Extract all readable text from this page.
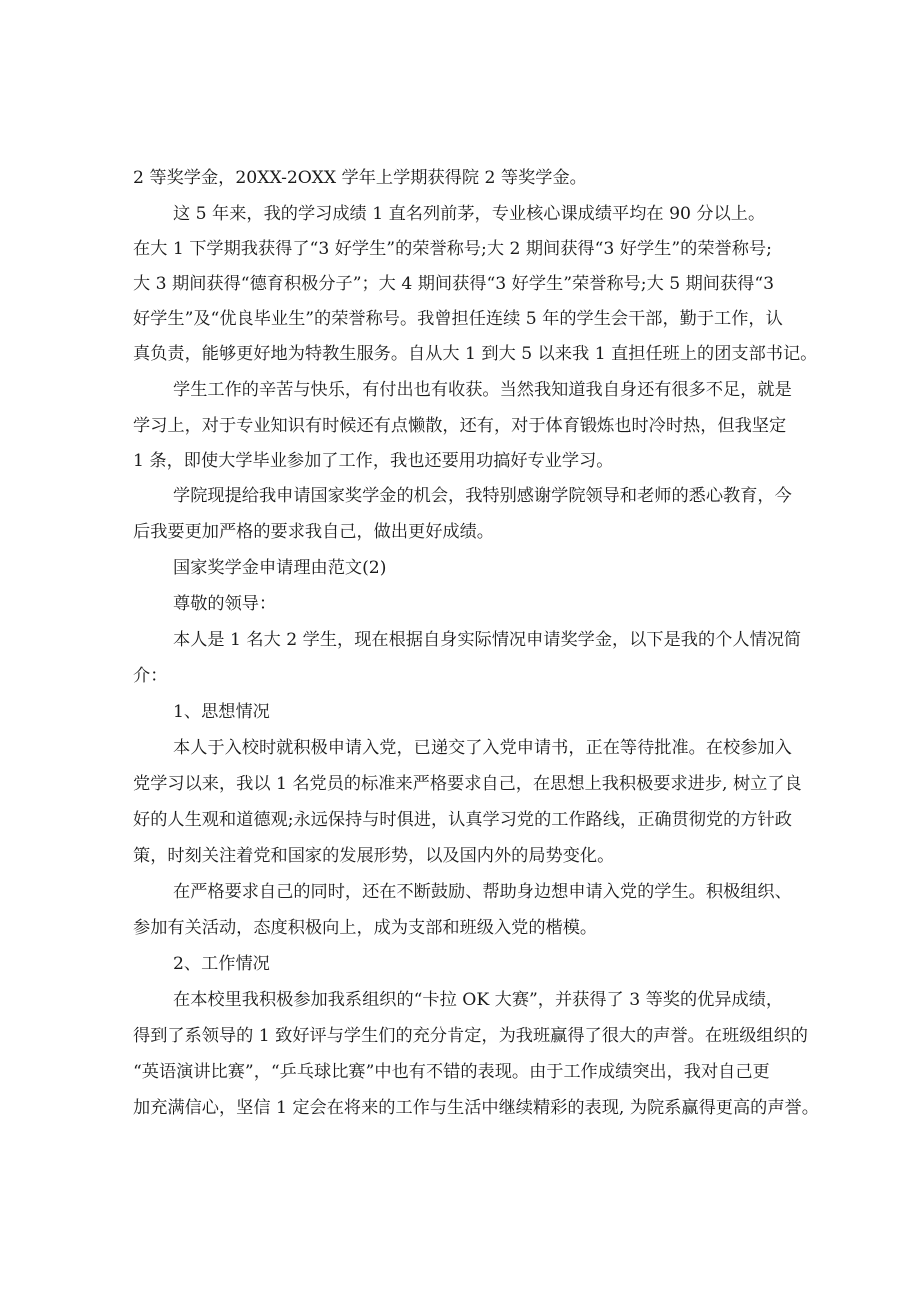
2 等奖学金，20XX-2OXX 学年上学期获得院 2 等奖学金。
这 5 年来，我的学习成绩 1 直名列前茅，专业核心课成绩平均在 90 分以上。
在大 1 下学期我获得了“3 好学生”的荣誉称号;大 2 期间获得“3 好学生”的荣誉称号;
大 3 期间获得“德育积极分子”；大 4 期间获得“3 好学生”荣誉称号;大 5 期间获得“3
好学生”及“优良毕业生”的荣誉称号。我曾担任连续 5 年的学生会干部，勤于工作，认
真负责，能够更好地为特教生服务。自从大 1 到大 5 以来我 1 直担任班上的团支部书记。
学生工作的辛苦与快乐，有付出也有收获。当然我知道我自身还有很多不足，就是
学习上，对于专业知识有时候还有点懒散，还有，对于体育锻炼也时冷时热，但我坚定
1 条，即使大学毕业参加了工作，我也还要用功搞好专业学习。
学院现提给我申请国家奖学金的机会，我特别感谢学院领导和老师的悉心教育，今
后我要更加严格的要求我自己，做出更好成绩。
国家奖学金申请理由范文(2)
尊敬的领导：
本人是 1 名大 2 学生，现在根据自身实际情况申请奖学金，以下是我的个人情况简
介：
1、思想情况
本人于入校时就积极申请入党，已递交了入党申请书，正在等待批准。在校参加入
党学习以来，我以 1 名党员的标准来严格要求自己，在思想上我积极要求进步, 树立了良
好的人生观和道德观;永远保持与时俱进，认真学习党的工作路线，正确贯彻党的方针政
策，时刻关注着党和国家的发展形势，以及国内外的局势变化。
在严格要求自己的同时，还在不断鼓励、帮助身边想申请入党的学生。积极组织、
参加有关活动，态度积极向上，成为支部和班级入党的楷模。
2、工作情况
在本校里我积极参加我系组织的“卡拉 OK 大赛”，并获得了 3 等奖的优异成绩，
得到了系领导的 1 致好评与学生们的充分肯定，为我班赢得了很大的声誉。在班级组织的
“英语演讲比赛”，“乒乓球比赛”中也有不错的表现。由于工作成绩突出，我对自己更
加充满信心，坚信 1 定会在将来的工作与生活中继续精彩的表现, 为院系赢得更高的声誉。
